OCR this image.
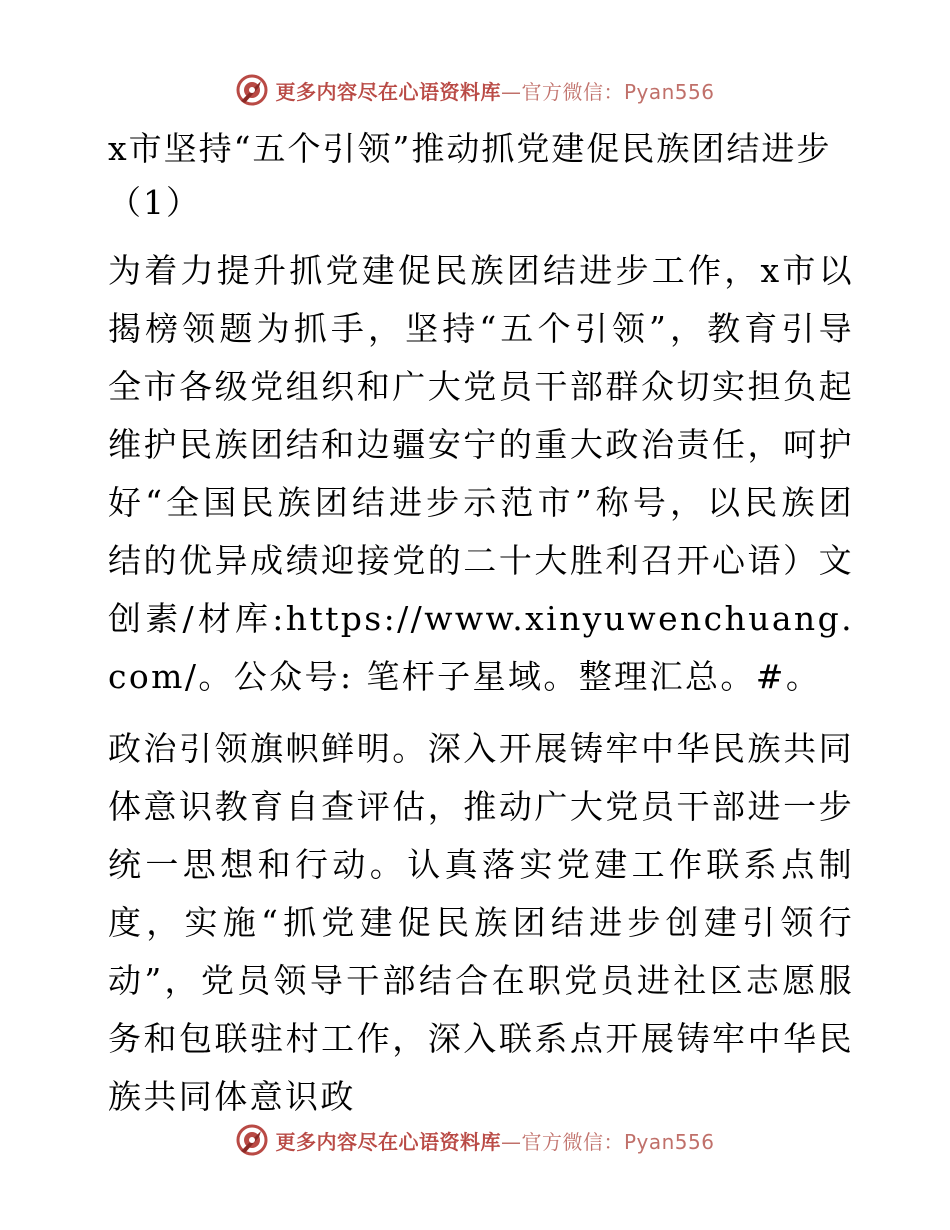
更多内容尽在心语资料库—官方微信：Pyan556
x市坚持“五个引领”推动抓党建促民族团结进步（1）

为着力提升抓党建促民族团结进步工作，x市以揭榜领题为抓手，坚持“五个引领”，教育引导全市各级党组织和广大党员干部群众切实担负起维护民族团结和边疆安宁的重大政治责任，呵护好“全国民族团结进步示范市”称号，以民族团结的优异成绩迎接党的二十大胜利召开心语）文创素/材库:https://www.xinyuwenchuang.com/。公众号: 笔杆子星域。整理汇总。#。

政治引领旗帜鲜明。深入开展铸牢中华民族共同体意识教育自查评估，推动广大党员干部进一步统一思想和行动。认真落实党建工作联系点制度，实施“抓党建促民族团结进步创建引领行动”，党员领导干部结合在职党员进社区志愿服务和包联驻村工作，深入联系点开展铸牢中华民族共同体意识政

更多内容尽在心语资料库—官方微信：Pyan556
